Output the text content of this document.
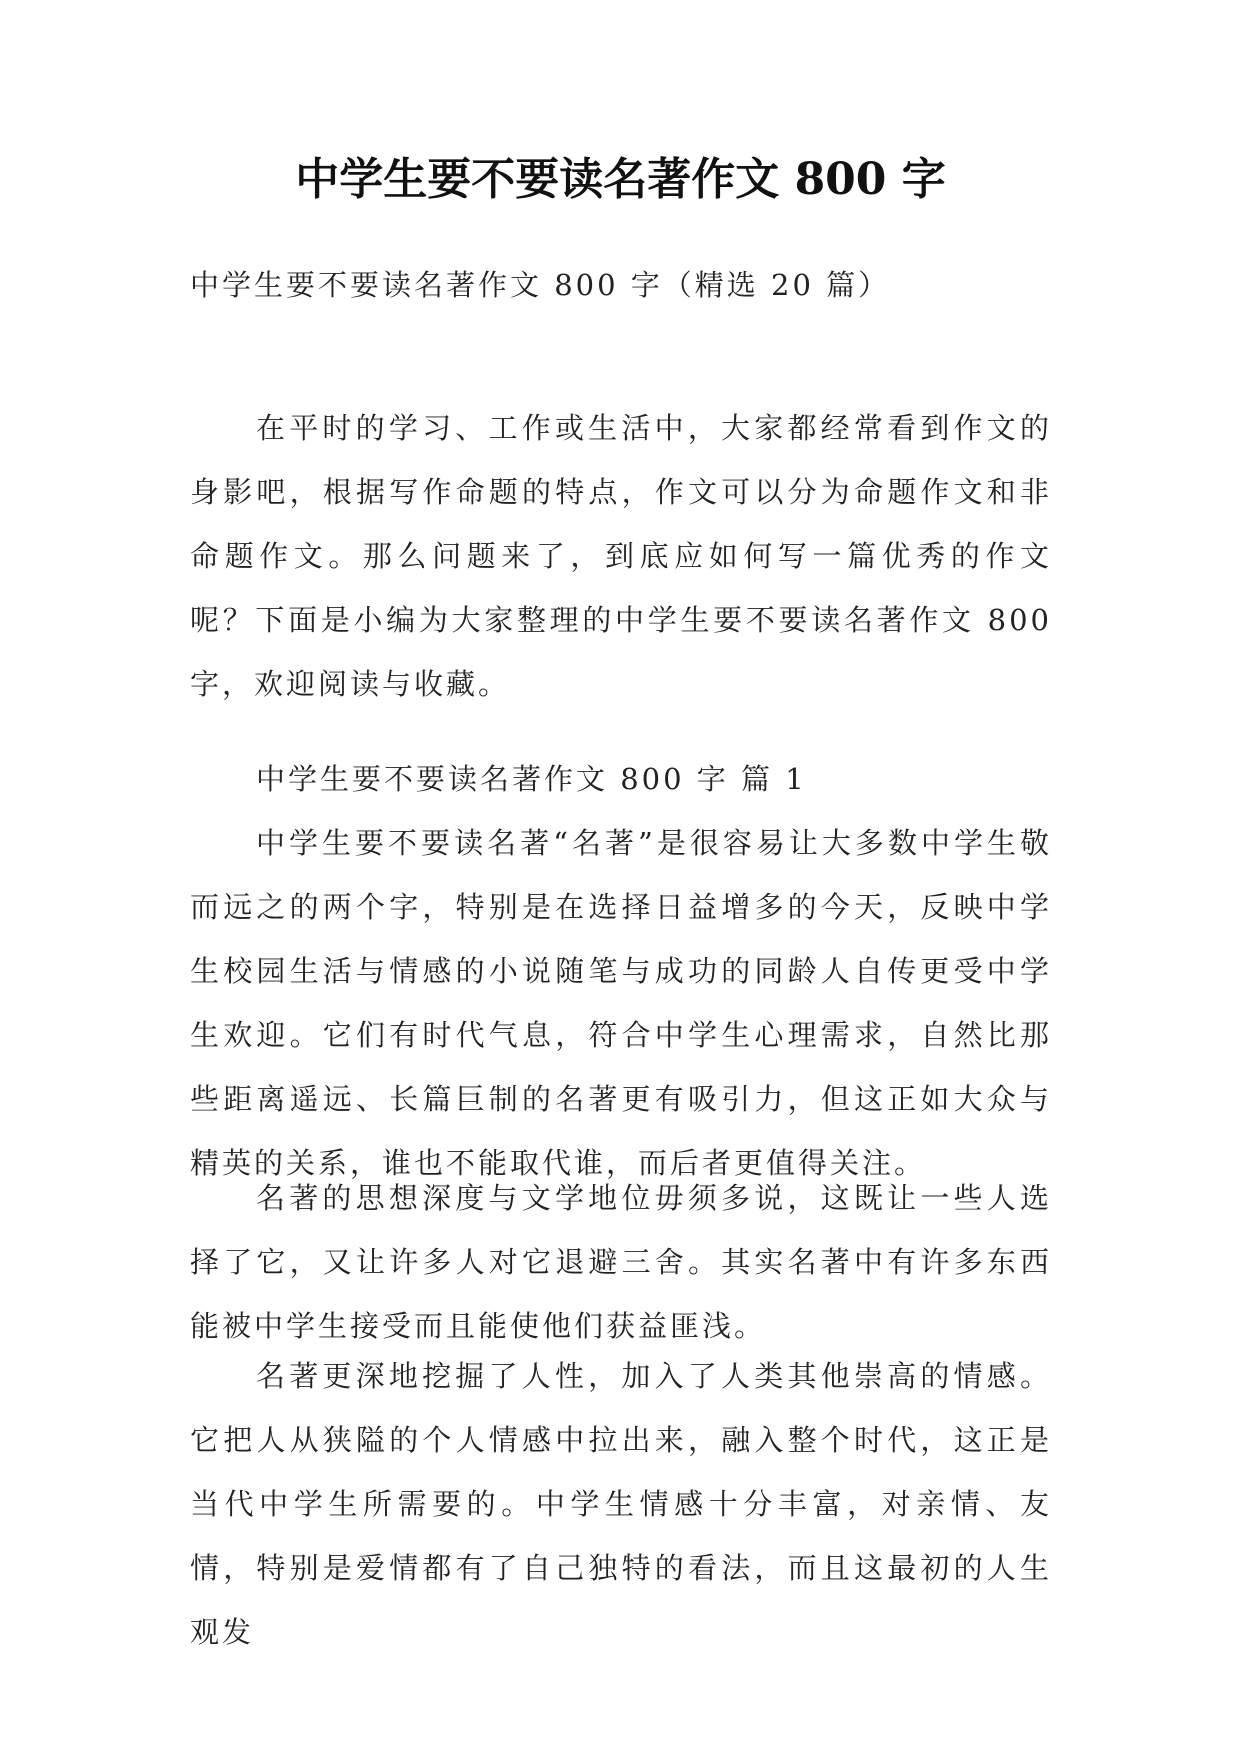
中学生要不要读名著作文 800 字

中学生要不要读名著作文 800 字（精选 20 篇）

在平时的学习、工作或生活中，大家都经常看到作文的身影吧，根据写作命题的特点，作文可以分为命题作文和非命题作文。那么问题来了，到底应如何写一篇优秀的作文呢？下面是小编为大家整理的中学生要不要读名著作文 800 字，欢迎阅读与收藏。

中学生要不要读名著作文 800 字 篇 1

中学生要不要读名著“名著”是很容易让大多数中学生敬而远之的两个字，特别是在选择日益增多的今天，反映中学生校园生活与情感的小说随笔与成功的同龄人自传更受中学生欢迎。它们有时代气息，符合中学生心理需求，自然比那些距离遥远、长篇巨制的名著更有吸引力，但这正如大众与精英的关系，谁也不能取代谁，而后者更值得关注。

名著的思想深度与文学地位毋须多说，这既让一些人选择了它，又让许多人对它退避三舍。其实名著中有许多东西能被中学生接受而且能使他们获益匪浅。

名著更深地挖掘了人性，加入了人类其他崇高的情感。它把人从狭隘的个人情感中拉出来，融入整个时代，这正是当代中学生所需要的。中学生情感十分丰富，对亲情、友情，特别是爱情都有了自己独特的看法，而且这最初的人生观发
